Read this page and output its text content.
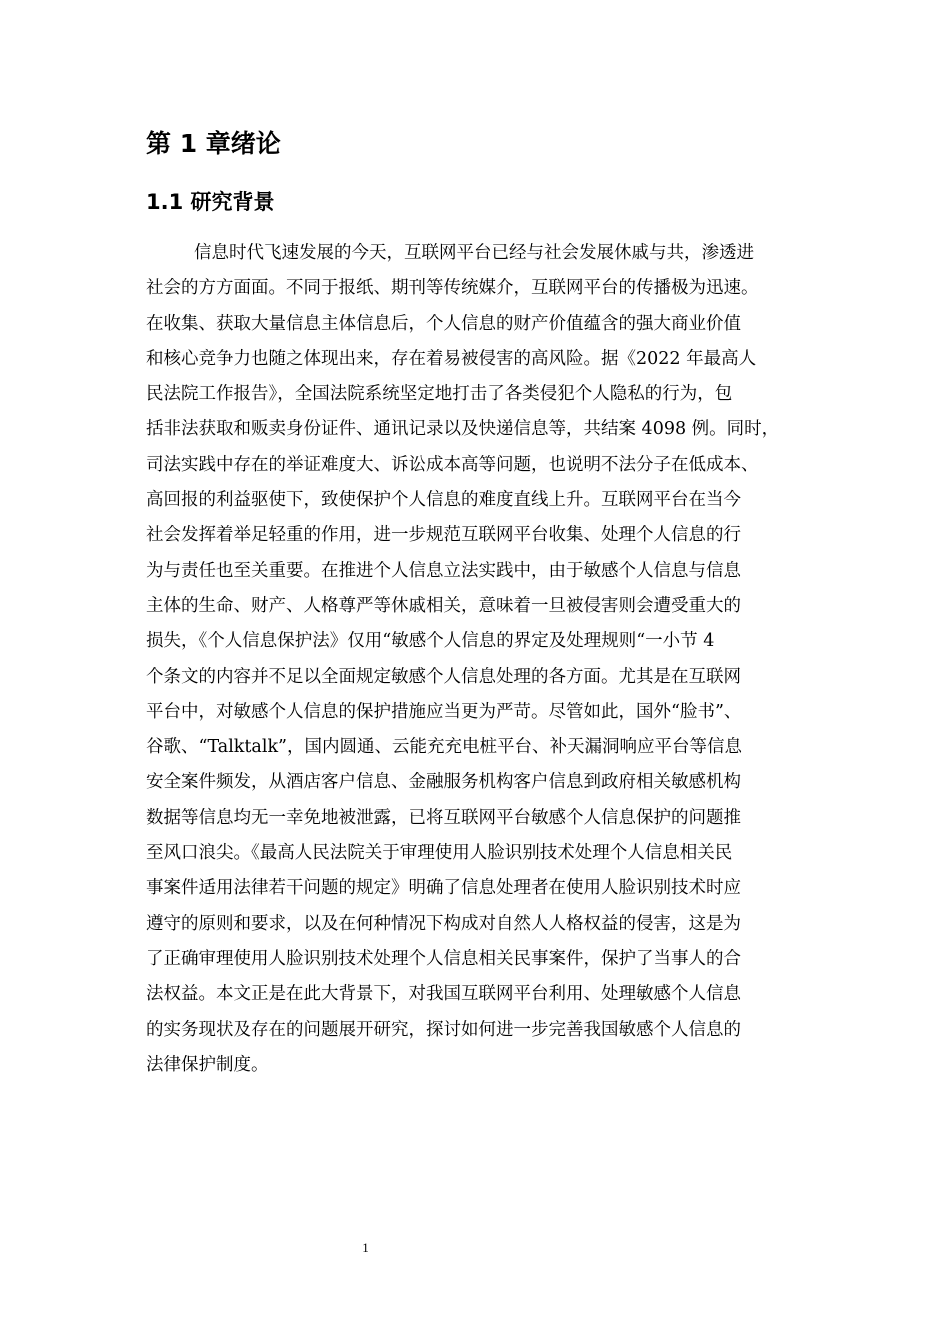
第 1 章绪论
1.1 研究背景
信息时代飞速发展的今天，互联网平台已经与社会发展休戚与共，渗透进
社会的方方面面。不同于报纸、期刊等传统媒介，互联网平台的传播极为迅速。
在收集、获取大量信息主体信息后，个人信息的财产价值蕴含的强大商业价值
和核心竞争力也随之体现出来，存在着易被侵害的高风险。据《2022 年最高人
民法院工作报告》，全国法院系统坚定地打击了各类侵犯个人隐私的行为，包
括非法获取和贩卖身份证件、通讯记录以及快递信息等，共结案 4098 例。同时，
司法实践中存在的举证难度大、诉讼成本高等问题，也说明不法分子在低成本、
高回报的利益驱使下，致使保护个人信息的难度直线上升。互联网平台在当今
社会发挥着举足轻重的作用，进一步规范互联网平台收集、处理个人信息的行
为与责任也至关重要。在推进个人信息立法实践中，由于敏感个人信息与信息
主体的生命、财产、人格尊严等休戚相关，意味着一旦被侵害则会遭受重大的
损失，《个人信息保护法》仅用“敏感个人信息的界定及处理规则“一小节 4
个条文的内容并不足以全面规定敏感个人信息处理的各方面。尤其是在互联网
平台中，对敏感个人信息的保护措施应当更为严苛。尽管如此，国外“脸书”、
谷歌、“Talktalk”，国内圆通、云能充充电桩平台、补天漏洞响应平台等信息
安全案件频发，从酒店客户信息、金融服务机构客户信息到政府相关敏感机构
数据等信息均无一幸免地被泄露，已将互联网平台敏感个人信息保护的问题推
至风口浪尖。《最高人民法院关于审理使用人脸识别技术处理个人信息相关民
事案件适用法律若干问题的规定》明确了信息处理者在使用人脸识别技术时应
遵守的原则和要求，以及在何种情况下构成对自然人人格权益的侵害，这是为
了正确审理使用人脸识别技术处理个人信息相关民事案件，保护了当事人的合
法权益。本文正是在此大背景下，对我国互联网平台利用、处理敏感个人信息
的实务现状及存在的问题展开研究，探讨如何进一步完善我国敏感个人信息的
法律保护制度。
1
